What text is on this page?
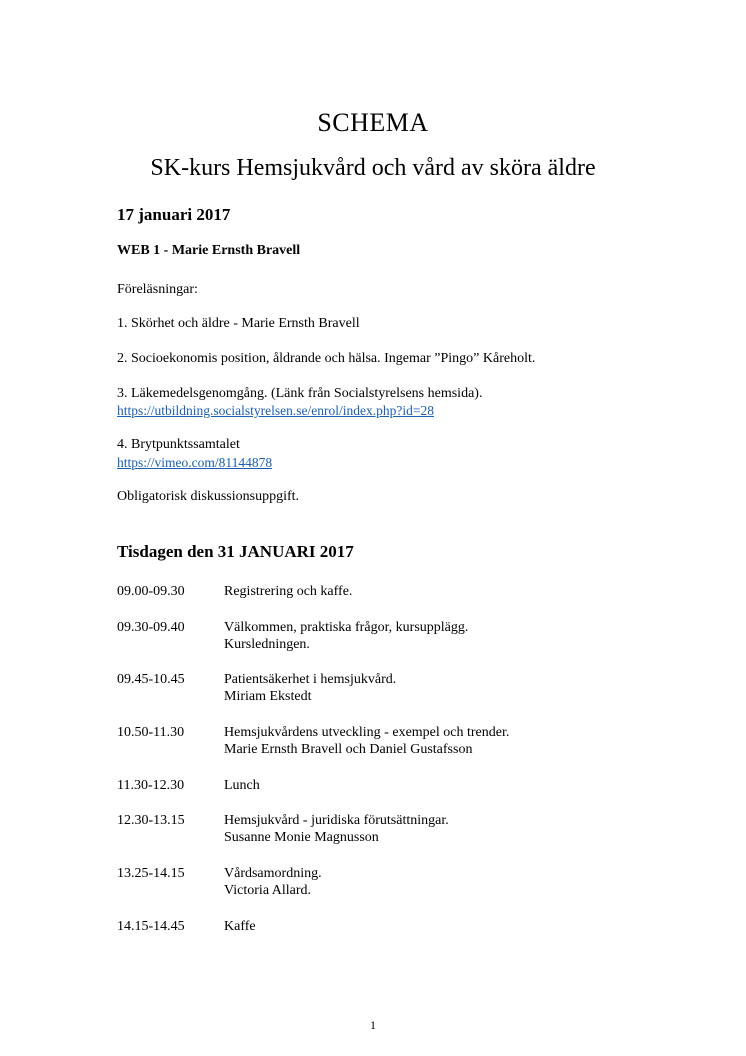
SCHEMA
SK-kurs Hemsjukvård och vård av sköra äldre
17 januari 2017
WEB 1 - Marie Ernsth Bravell
Föreläsningar:
1. Skörhet och äldre - Marie Ernsth Bravell
2. Socioekonomis position, åldrande och hälsa. Ingemar ”Pingo” Kåreholt.
3. Läkemedelsgenomgång. (Länk från Socialstyrelsens hemsida).
https://utbildning.socialstyrelsen.se/enrol/index.php?id=28
4. Brytpunktssamtalet
https://vimeo.com/81144878
Obligatorisk diskussionsuppgift.
Tisdagen den 31 JANUARI 2017
09.00-09.30	Registrering och kaffe.
09.30-09.40	Välkommen, praktiska frågor, kursupplägg.
Kursledningen.
09.45-10.45	Patientsäkerhet i hemsjukvård.
Miriam Ekstedt
10.50-11.30	Hemsjukvårdens utveckling - exempel och trender.
Marie Ernsth Bravell och Daniel Gustafsson
11.30-12.30	Lunch
12.30-13.15	Hemsjukvård - juridiska förutsättningar.
Susanne Monie Magnusson
13.25-14.15	Vårdsamordning.
Victoria Allard.
14.15-14.45	Kaffe
1
